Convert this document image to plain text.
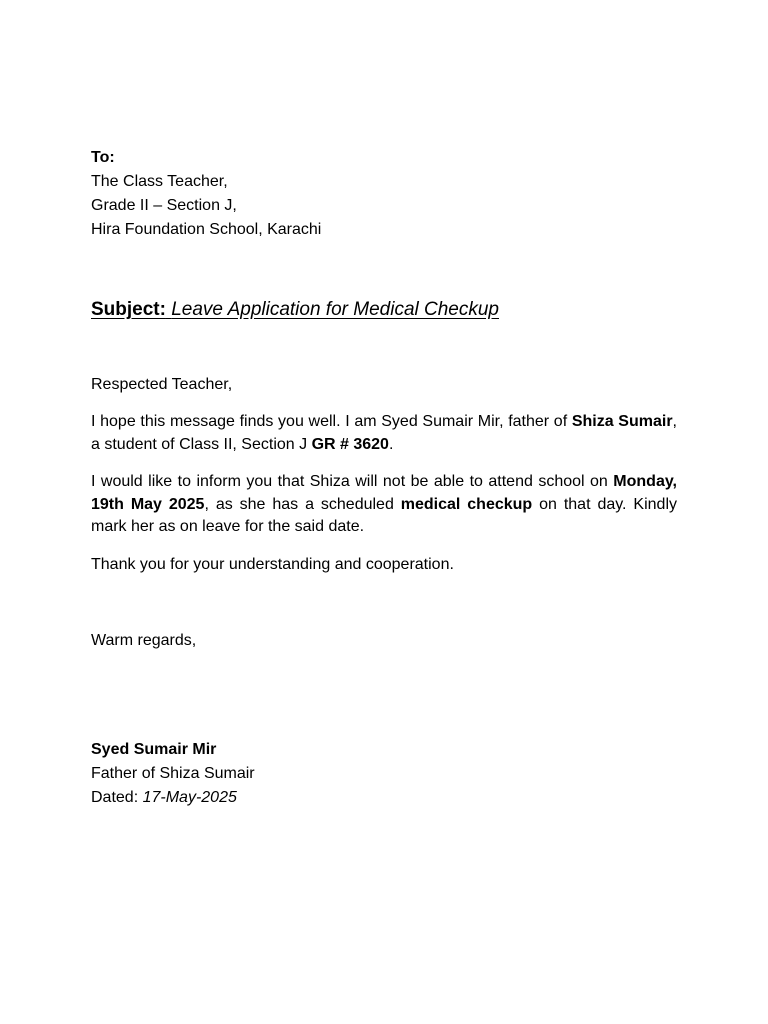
To:
The Class Teacher,
Grade II – Section J,
Hira Foundation School, Karachi
Subject: Leave Application for Medical Checkup
Respected Teacher,
I hope this message finds you well. I am Syed Sumair Mir, father of Shiza Sumair, a student of Class II, Section J GR # 3620.
I would like to inform you that Shiza will not be able to attend school on Monday, 19th May 2025, as she has a scheduled medical checkup on that day. Kindly mark her as on leave for the said date.
Thank you for your understanding and cooperation.
Warm regards,
Syed Sumair Mir
Father of Shiza Sumair
Dated: 17-May-2025
